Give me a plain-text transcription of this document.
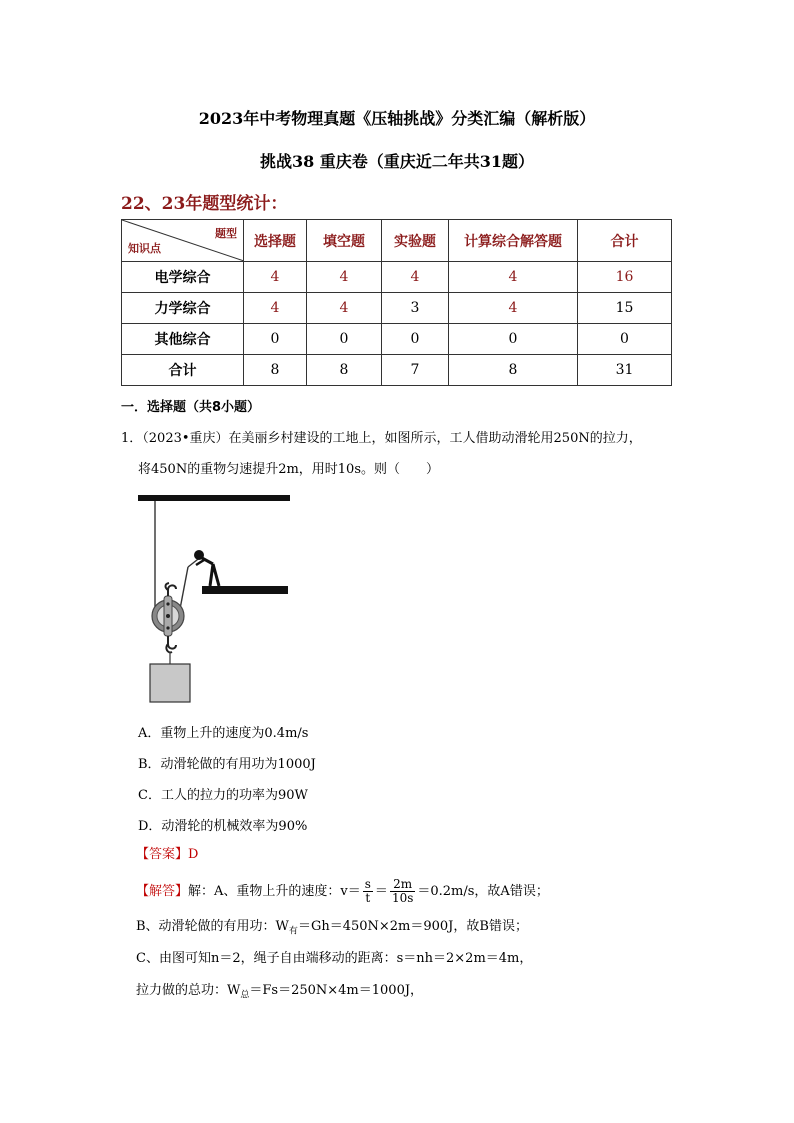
2023年中考物理真题《压轴挑战》分类汇编（解析版）
挑战38 重庆卷（重庆近二年共31题）
22、23年题型统计：
题型
知识点	选择题	填空题	实验题	计算综合解答题	合计
电学综合	4	4	4	4	16
力学综合	4	4	3	4	15
其他综合	0	0	0	0	0
合计	8	8	7	8	31
一．选择题（共8小题）
1．（2023•重庆）在美丽乡村建设的工地上，如图所示，工人借助动滑轮用250N的拉力，
将450N的重物匀速提升2m，用时10s。则（　　）
A．重物上升的速度为0.4m/s
B．动滑轮做的有用功为1000J
C．工人的拉力的功率为90W
D．动滑轮的机械效率为90%
【答案】D
【解答】解：A、重物上升的速度：$v= \frac{s}{t} = \frac{2m}{10s} =0.2m/s$，故A错误；
B、动滑轮做的有用功：$W_有=Gh=450N\times 2m=900J$，故B错误；
C、由图可知n＝2，绳子自由端移动的距离：s＝nh＝2×2m＝4m，
拉力做的总功：$W_总=Fs=250N\times 4m=1000J$，
